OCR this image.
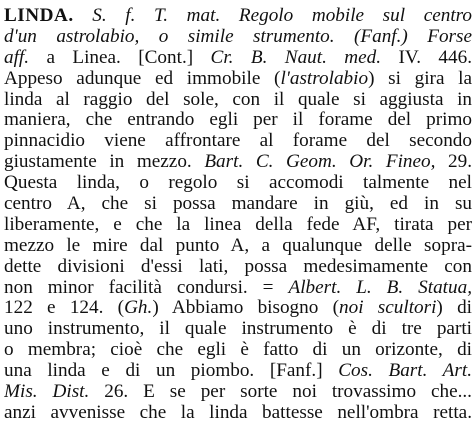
LINDA. S. f. T. mat. Regolo mobile sul centro
d'un astrolabio, o simile strumento. (Fanf.) Forse
aff. a Linea. [Cont.] Cr. B. Naut. med. IV. 446.
Appeso adunque ed immobile (l'astrolabio) si gira la
linda al raggio del sole, con il quale si aggiusta in
maniera, che entrando egli per il forame del primo
pinnacidio viene affrontare al forame del secondo
giustamente in mezzo. Bart. C. Geom. Or. Fineo, 29.
Questa linda, o regolo si accomodi talmente nel
centro A, che si possa mandare in giù, ed in su
liberamente, e che la linea della fede AF, tirata per
mezzo le mire dal punto A, a qualunque delle sopra-
dette divisioni d'essi lati, possa medesimamente con
non minor facilità condursi. = Albert. L. B. Statua,
122 e 124. (Gh.) Abbiamo bisogno (noi scultori) di
uno instrumento, il quale instrumento è di tre parti
o membra; cioè che egli è fatto di un orizonte, di
una linda e di un piombo. [Fanf.] Cos. Bart. Art.
Mis. Dist. 26. E se per sorte noi trovassimo che...
anzi avvenisse che la linda battesse nell'ombra retta.
